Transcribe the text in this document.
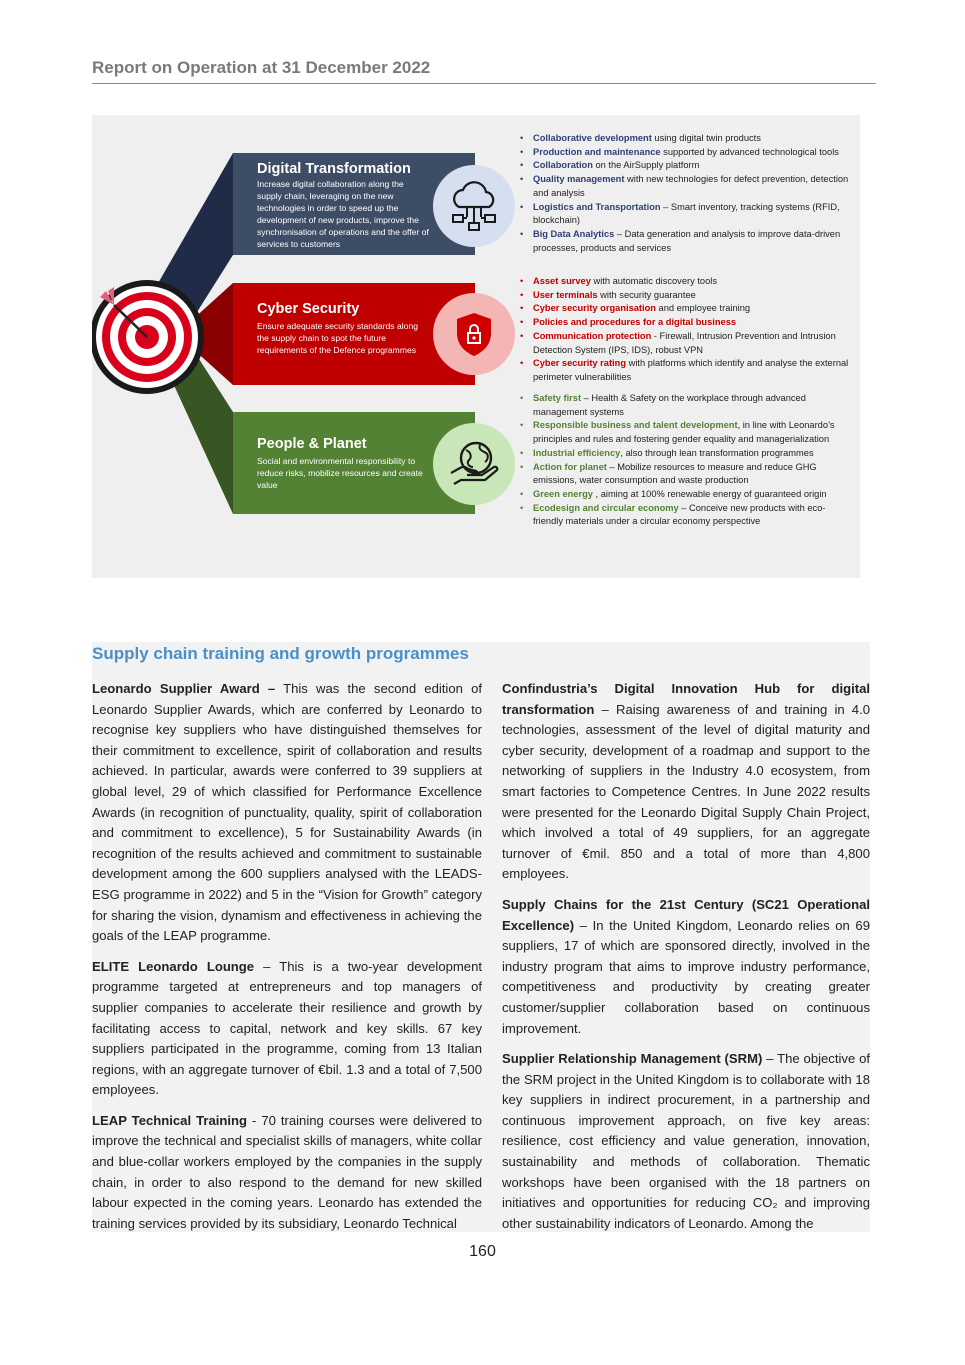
Report on Operation at 31 December 2022
Digital Transformation
Increase digital collaboration along the supply chain, leveraging on the new technologies in order to speed up the development of new products, improve the synchronisation of operations and the offer of services to customers
Cyber Security
Ensure adequate security standards along the supply chain to spot the future requirements of the Defence programmes
People & Planet
Social and environmental responsibility to reduce risks, mobilize resources and create value
• Collaborative development using digital twin products
• Production and maintenance supported by advanced technological tools
• Collaboration on the AirSupply platform
• Quality management with new technologies for defect prevention, detection and analysis
• Logistics and Transportation – Smart inventory, tracking systems (RFID, blockchain)
• Big Data Analytics – Data generation and analysis to improve data-driven processes, products and services
• Asset survey with automatic discovery tools
• User terminals with security guarantee
• Cyber security organisation and employee training
• Policies and procedures for a digital business
• Communication protection - Firewall, Intrusion Prevention and Intrusion Detection System (IPS, IDS), robust VPN
• Cyber security rating with platforms which identify and analyse the external perimeter vulnerabilities
• Safety first – Health & Safety on the workplace through advanced management systems
• Responsible business and talent development, in line with Leonardo’s principles and rules and fostering gender equality and managerialization
• Industrial efficiency, also through lean transformation programmes
• Action for planet – Mobilize resources to measure and reduce GHG emissions, water consumption and waste production
• Green energy , aiming at 100% renewable energy of guaranteed origin
• Ecodesign and circular economy – Conceive new products with eco-friendly materials under a circular economy perspective
Supply chain training and growth programmes

Leonardo Supplier Award – This was the second edition of Leonardo Supplier Awards, which are conferred by Leonardo to recognise key suppliers who have distinguished themselves for their commitment to excellence, spirit of collaboration and results achieved. In particular, awards were conferred to 39 suppliers at global level, 29 of which classified for Performance Excellence Awards (in recognition of punctuality, quality, spirit of collaboration and commitment to excellence), 5 for Sustainability Awards (in recognition of the results achieved and commitment to sustainable development among the 600 suppliers analysed with the LEADS-ESG programme in 2022) and 5 in the “Vision for Growth” category for sharing the vision, dynamism and effectiveness in achieving the goals of the LEAP programme.

ELITE Leonardo Lounge – This is a two-year development programme targeted at entrepreneurs and top managers of supplier companies to accelerate their resilience and growth by facilitating access to capital, network and key skills. 67 key suppliers participated in the programme, coming from 13 Italian regions, with an aggregate turnover of €bil. 1.3 and a total of 7,500 employees.

LEAP Technical Training - 70 training courses were delivered to improve the technical and specialist skills of managers, white collar and blue-collar workers employed by the companies in the supply chain, in order to also respond to the demand for new skilled labour expected in the coming years. Leonardo has extended the training services provided by its subsidiary, Leonardo Technical

Confindustria’s Digital Innovation Hub for digital transformation – Raising awareness of and training in 4.0 technologies, assessment of the level of digital maturity and cyber security, development of a roadmap and support to the networking of suppliers in the Industry 4.0 ecosystem, from smart factories to Competence Centres. In June 2022 results were presented for the Leonardo Digital Supply Chain Project, which involved a total of 49 suppliers, for an aggregate turnover of €mil. 850 and a total of more than 4,800 employees.

Supply Chains for the 21st Century (SC21 Operational Excellence) – In the United Kingdom, Leonardo relies on 69 suppliers, 17 of which are sponsored directly, involved in the industry program that aims to improve industry performance, competitiveness and productivity by creating greater customer/supplier collaboration based on continuous improvement.

Supplier Relationship Management (SRM) – The objective of the SRM project in the United Kingdom is to collaborate with 18 key suppliers in indirect procurement, in a partnership and continuous improvement approach, on five key areas: resilience, cost efficiency and value generation, innovation, sustainability and methods of collaboration. Thematic workshops have been organised with the 18 partners on initiatives and opportunities for reducing CO₂ and improving other sustainability indicators of Leonardo. Among the

160
